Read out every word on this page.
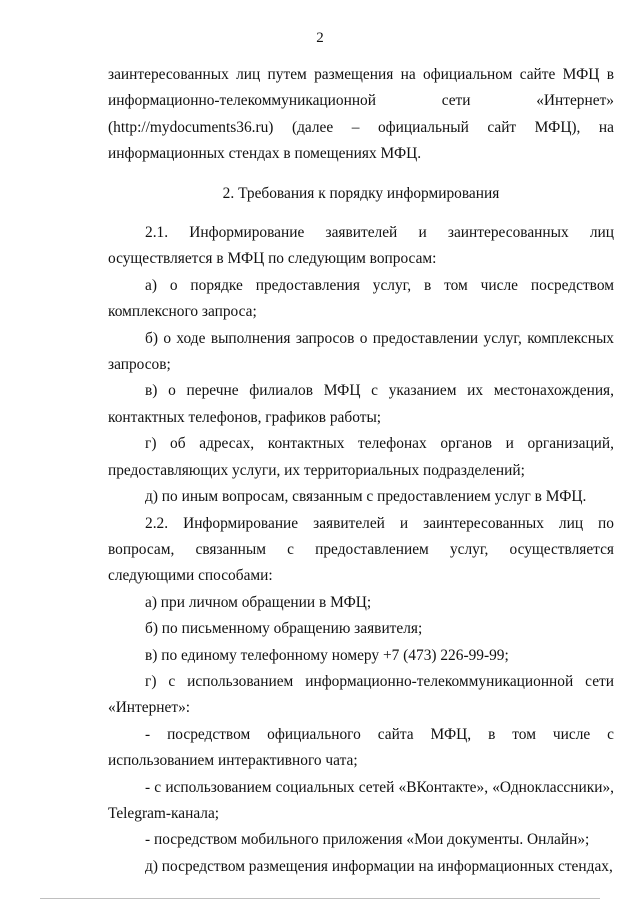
2

заинтересованных лиц путем размещения на официальном сайте МФЦ в информационно-телекоммуникационной сети «Интернет» (http://mydocuments36.ru) (далее – официальный сайт МФЦ), на информационных стендах в помещениях МФЦ.

2. Требования к порядку информирования

2.1. Информирование заявителей и заинтересованных лиц осуществляется в МФЦ по следующим вопросам:

а) о порядке предоставления услуг, в том числе посредством комплексного запроса;

б) о ходе выполнения запросов о предоставлении услуг, комплексных запросов;

в) о перечне филиалов МФЦ с указанием их местонахождения, контактных телефонов, графиков работы;

г) об адресах, контактных телефонах органов и организаций, предоставляющих услуги, их территориальных подразделений;

д) по иным вопросам, связанным с предоставлением услуг в МФЦ.

2.2. Информирование заявителей и заинтересованных лиц по вопросам, связанным с предоставлением услуг, осуществляется следующими способами:

а) при личном обращении в МФЦ;

б) по письменному обращению заявителя;

в) по единому телефонному номеру +7 (473) 226-99-99;

г) с использованием информационно-телекоммуникационной сети «Интернет»:

- посредством официального сайта МФЦ, в том числе с использованием интерактивного чата;

- с использованием социальных сетей «ВКонтакте», «Одноклассники», Telegram-канала;

- посредством мобильного приложения «Мои документы. Онлайн»;

д) посредством размещения информации на информационных стендах,
